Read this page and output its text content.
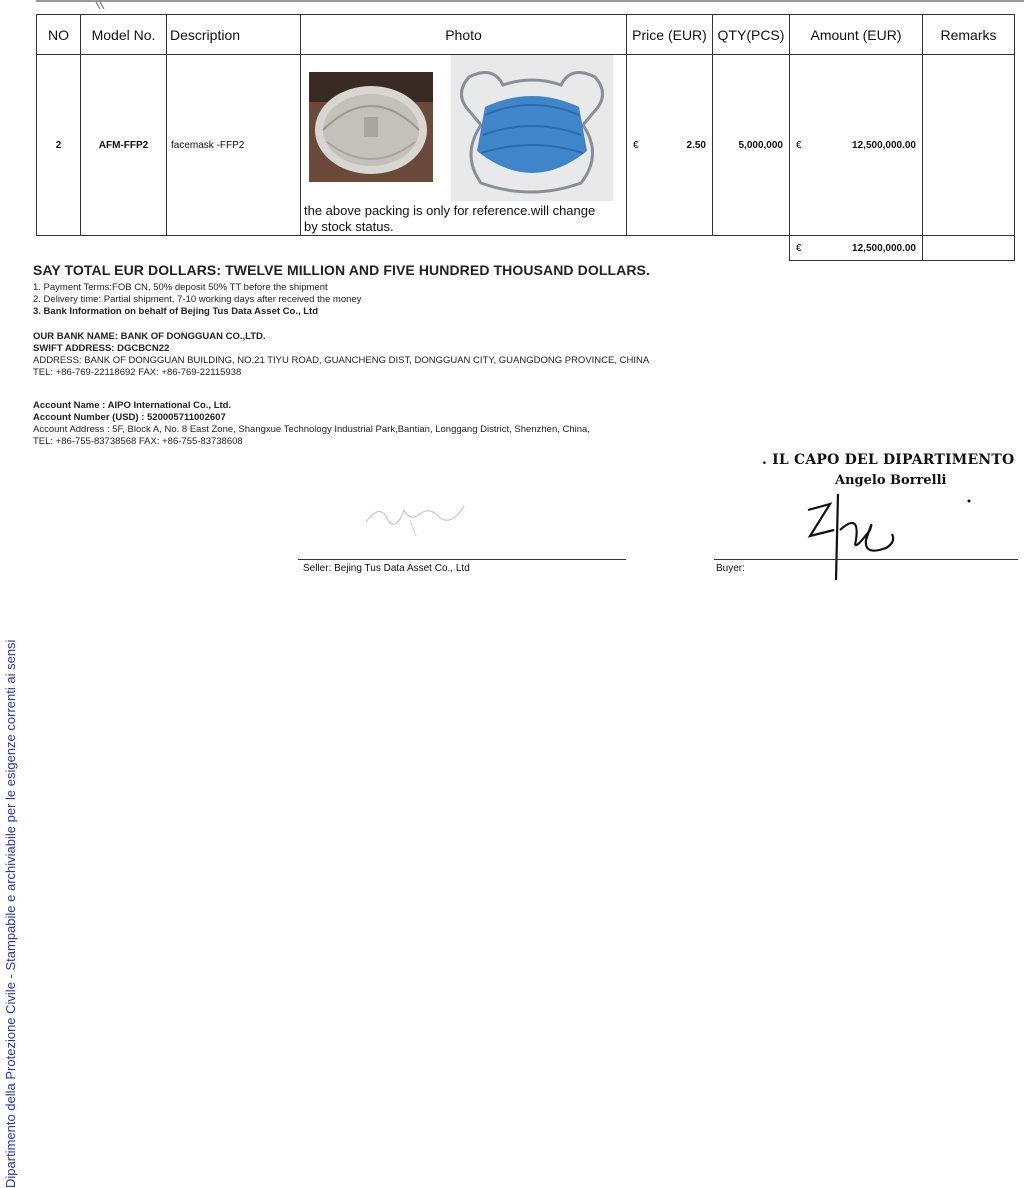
Dipartimento della Protezione Civile - Stampabile e archiviabile per le esigenze correnti ai sensi
NO	Model No.	Description	Photo	Price (EUR)	QTY(PCS)	Amount (EUR)	Remarks
2	AFM-FFP2	facemask -FFP2	the above packing is only for reference.will change by stock status.	€ 2.50	5,000,000	€ 12,500,000.00	

						€ 12,500,000.00	

SAY TOTAL EUR DOLLARS: TWELVE MILLION AND FIVE HUNDRED THOUSAND DOLLARS.
1. Payment Terms:FOB CN, 50% deposit 50% TT before the shipment
2. Delivery time: Partial shipment, 7-10 working days after received the money
3. Bank Information on behalf of Bejing Tus Data Asset Co., Ltd
OUR BANK NAME: BANK OF DONGGUAN CO.,LTD.
SWIFT ADDRESS: DGCBCN22
ADDRESS: BANK OF DONGGUAN BUILDING, NO.21 TIYU ROAD, GUANCHENG DIST, DONGGUAN CITY, GUANGDONG PROVINCE, CHINA
TEL: +86-769-22118692 FAX: +86-769-22115938
Account Name : AIPO International Co., Ltd.
Account Number (USD) : 520005711002607
Account Address : 5F, Block A, No. 8 East Zone, Shangxue Technology Industrial Park,Bantian, Longgang District, Shenzhen, China,
TEL: +86-755-83738568 FAX: +86-755-83738608
. IL CAPO DEL DIPARTIMENTO
Angelo Borrelli
Seller: Bejing Tus Data Asset Co., Ltd	Buyer:
